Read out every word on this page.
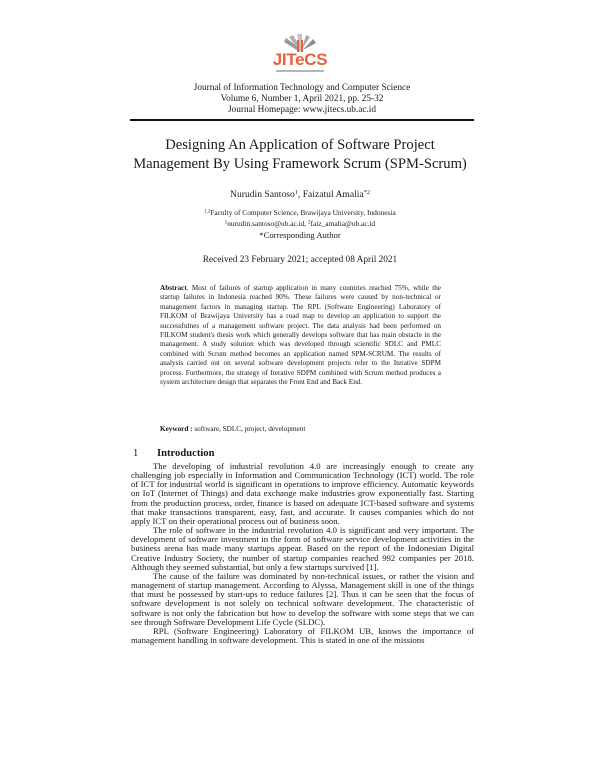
JITeCS
Journal of Information Technology and Computer Science
Volume 6, Number 1, April 2021, pp. 25-32
Journal Homepage: www.jitecs.ub.ac.id
Designing An Application of Software Project
Management By Using Framework Scrum (SPM-Scrum)
Nurudin Santoso$^1$, Faizatul Amalia$^{*2}$
$^{1,2}$Faculty of Computer Science, Brawijaya University, Indonesia
$^1$nurudin.santoso@ub.ac.id, $^2$faiz_amalia@ub.ac.id
*Corresponding Author
Received 23 February 2021; accepted 08 April 2021
Abstract. Most of failures of startup application in many countries reached 75%, while the startup failures in Indonesia reached 90%. These failures were caused by non-technical or management factors in managing startup. The RPL (Software Engineering) Laboratory of FILKOM of Brawijaya University has a road map to develop an application to support the successfulnes of a management software project. The data analysis had been performed on FILKOM student's thesis work which generally develops software that has main obstacle in the management. A study solution which was developed through scientific SDLC and PMLC combined with Scrum method becomes an application named SPM-SCRUM. The results of analysis carried out on several software development projects refer to the Iterative SDPM process. Furthermore, the strategy of Iterative SDPM combined with Scrum method produces a system architecture design that separates the Front End and Back End.
Keyword : software, SDLC, project, development
1 Introduction

The developing of industrial revolution 4.0 are increasingly enough to create any challenging job especially in Information and Communication Technology (ICT) world. The role of ICT for industrial world is significant in operations to improve efficiency. Automatic keywords on IoT (Internet of Things) and data exchange make industries grow exponentially fast. Starting from the production process, order, finance is based on adequate ICT-based software and systems that make transactions transparent, easy, fast, and accurate. It causes companies which do not apply ICT on their operational process out of business soon.

The role of software in the industrial revolution 4.0 is significant and very important. The development of software investment in the form of software service development activities in the business arena has made many startups appear. Based on the report of the Indonesian Digital Creative Industry Society, the number of startup companies reached 992 companies per 2018. Although they seemed substantial, but only a few startups survived [1].

The cause of the failure was dominated by non-technical issues, or rather the vision and management of startup management. According to Alyssa, Management skill is one of the things that must be possessed by start-ups to reduce failures [2]. Thus it can be seen that the focus of software development is not solely on technical software development. The characteristic of software is not only the fabrication but how to develop the software with some steps that we can see through Software Development Life Cycle (SLDC).

RPL (Software Engineering) Laboratory of FILKOM UB, knows the importance of management handling in software development. This is stated in one of the missions
